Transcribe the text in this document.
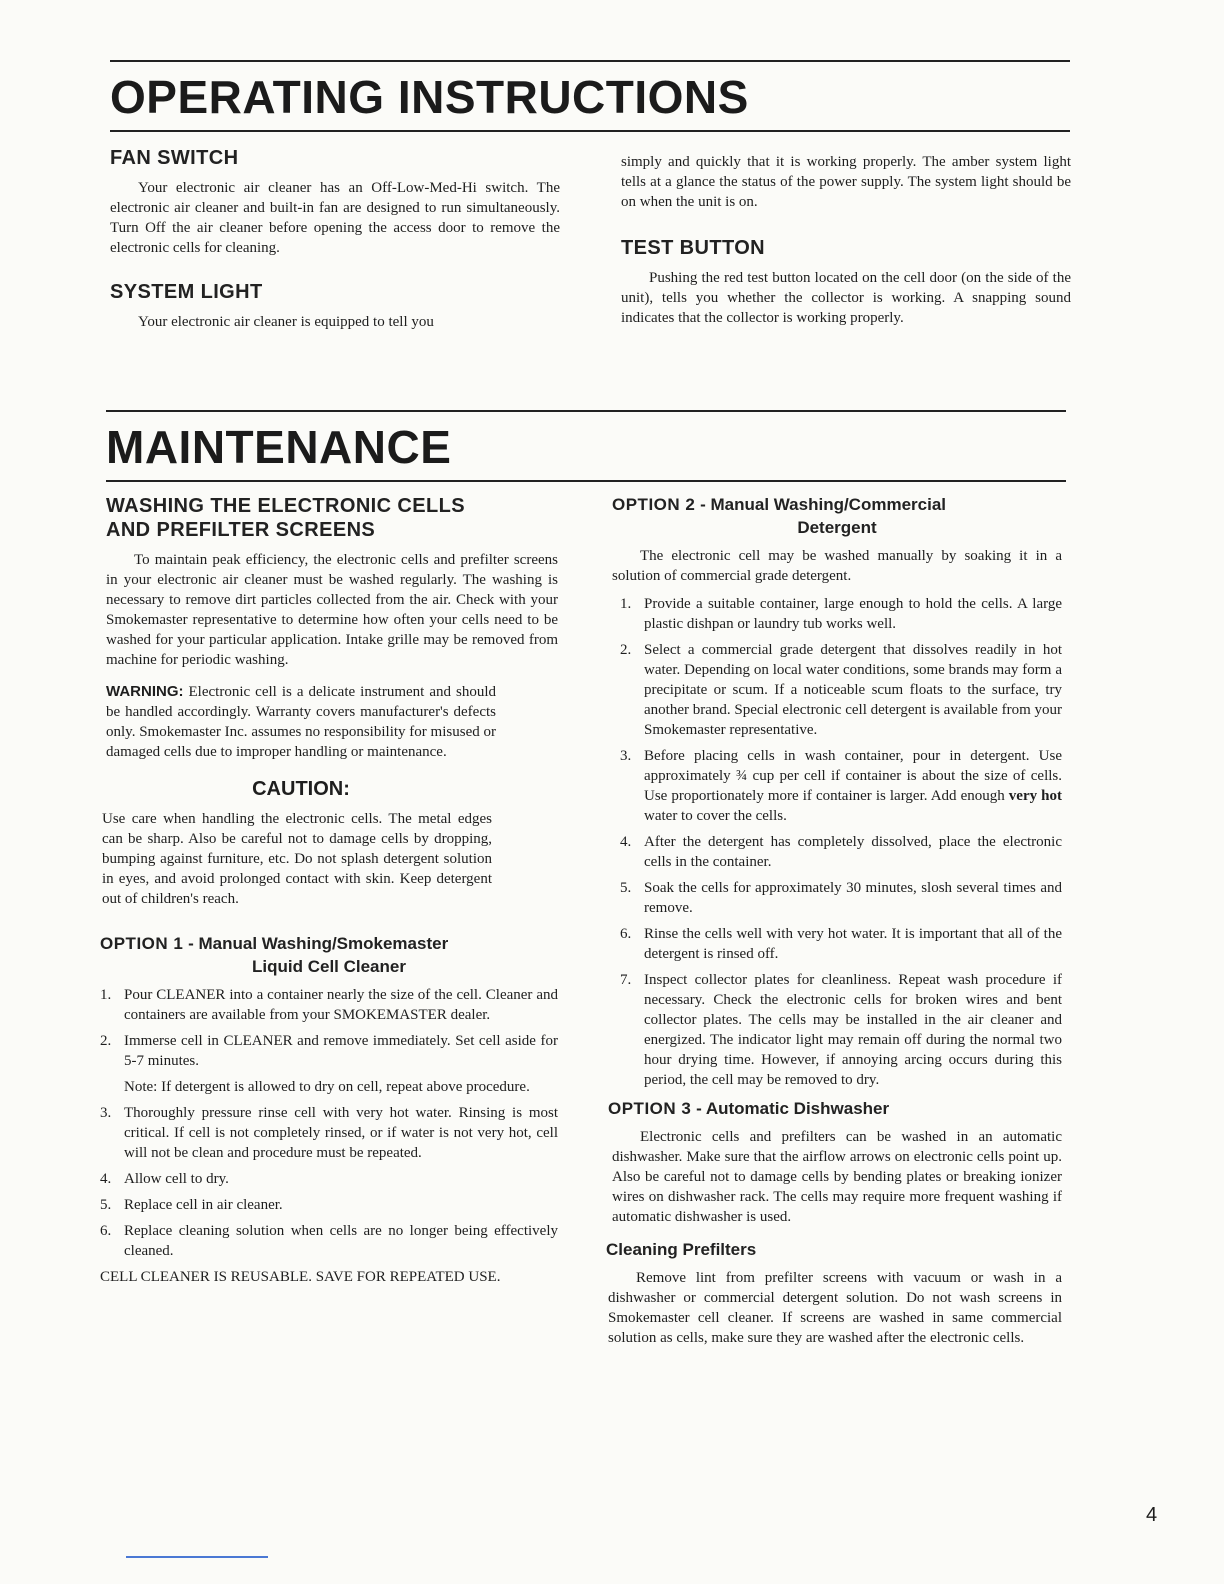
OPERATING INSTRUCTIONS
FAN SWITCH

Your electronic air cleaner has an Off-Low-Med-Hi switch. The electronic air cleaner and built-in fan are designed to run simultaneously. Turn Off the air cleaner before opening the access door to remove the electronic cells for cleaning.

SYSTEM LIGHT

Your electronic air cleaner is equipped to tell you

simply and quickly that it is working properly. The amber system light tells at a glance the status of the power supply. The system light should be on when the unit is on.

TEST BUTTON

Pushing the red test button located on the cell door (on the side of the unit), tells you whether the collector is working. A snapping sound indicates that the collector is working properly.

MAINTENANCE
WASHING THE ELECTRONIC CELLS
AND PREFILTER SCREENS

To maintain peak efficiency, the electronic cells and prefilter screens in your electronic air cleaner must be washed regularly. The washing is necessary to remove dirt particles collected from the air. Check with your Smokemaster representative to determine how often your cells need to be washed for your particular application. Intake grille may be removed from machine for periodic washing.

WARNING: Electronic cell is a delicate instrument and should be handled accordingly. Warranty covers manufacturer's defects only. Smokemaster Inc. assumes no responsibility for misused or damaged cells due to improper handling or maintenance.

CAUTION:

Use care when handling the electronic cells. The metal edges can be sharp. Also be careful not to damage cells by dropping, bumping against furniture, etc. Do not splash detergent solution in eyes, and avoid prolonged contact with skin. Keep detergent out of children's reach.

OPTION 1 - Manual Washing/Smokemaster
Liquid Cell Cleaner
1. Pour CLEANER into a container nearly the size of the cell. Cleaner and containers are available from your SMOKEMASTER dealer.
2. Immerse cell in CLEANER and remove immediately. Set cell aside for 5-7 minutes.
Note: If detergent is allowed to dry on cell, repeat above procedure.
3. Thoroughly pressure rinse cell with very hot water. Rinsing is most critical. If cell is not completely rinsed, or if water is not very hot, cell will not be clean and procedure must be repeated.
4. Allow cell to dry.
5. Replace cell in air cleaner.
6. Replace cleaning solution when cells are no longer being effectively cleaned.

CELL CLEANER IS REUSABLE. SAVE FOR REPEATED USE.

OPTION 2 - Manual Washing/Commercial
Detergent

The electronic cell may be washed manually by soaking it in a solution of commercial grade detergent.

1. Provide a suitable container, large enough to hold the cells. A large plastic dishpan or laundry tub works well.
2. Select a commercial grade detergent that dissolves readily in hot water. Depending on local water conditions, some brands may form a precipitate or scum. If a noticeable scum floats to the surface, try another brand. Special electronic cell detergent is available from your Smokemaster representative.
3. Before placing cells in wash container, pour in detergent. Use approximately ¾ cup per cell if container is about the size of cells. Use proportionately more if container is larger. Add enough very hot water to cover the cells.
4. After the detergent has completely dissolved, place the electronic cells in the container.
5. Soak the cells for approximately 30 minutes, slosh several times and remove.
6. Rinse the cells well with very hot water. It is important that all of the detergent is rinsed off.
7. Inspect collector plates for cleanliness. Repeat wash procedure if necessary. Check the electronic cells for broken wires and bent collector plates. The cells may be installed in the air cleaner and energized. The indicator light may remain off during the normal two hour drying time. However, if annoying arcing occurs during this period, the cell may be removed to dry.
OPTION 3 - Automatic Dishwasher

Electronic cells and prefilters can be washed in an automatic dishwasher. Make sure that the airflow arrows on electronic cells point up. Also be careful not to damage cells by bending plates or breaking ionizer wires on dishwasher rack. The cells may require more frequent washing if automatic dishwasher is used.

Cleaning Prefilters

Remove lint from prefilter screens with vacuum or wash in a dishwasher or commercial detergent solution. Do not wash screens in Smokemaster cell cleaner. If screens are washed in same commercial solution as cells, make sure they are washed after the electronic cells.

4
